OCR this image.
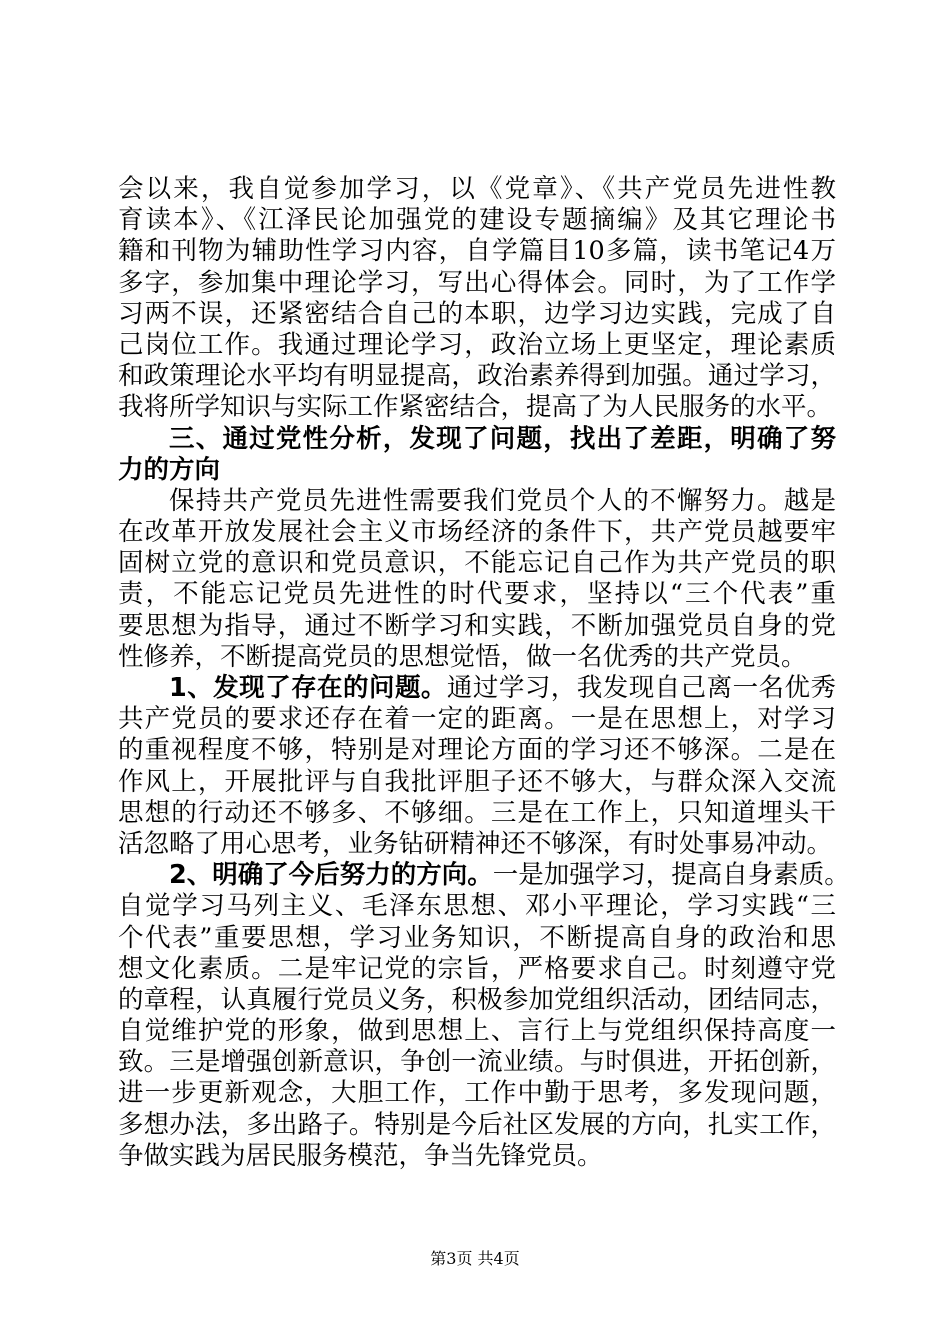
会以来，我自觉参加学习，以《党章》、《共产党员先进性教
育读本》、《江泽民论加强党的建设专题摘编》及其它理论书
籍和刊物为辅助性学习内容，自学篇目10多篇，读书笔记4万
多字，参加集中理论学习，写出心得体会。同时，为了工作学
习两不误，还紧密结合自己的本职，边学习边实践，完成了自
己岗位工作。我通过理论学习，政治立场上更坚定，理论素质
和政策理论水平均有明显提高，政治素养得到加强。通过学习，
我将所学知识与实际工作紧密结合，提高了为人民服务的水平。
三、通过党性分析，发现了问题，找出了差距，明确了努
力的方向
保持共产党员先进性需要我们党员个人的不懈努力。越是
在改革开放发展社会主义市场经济的条件下，共产党员越要牢
固树立党的意识和党员意识，不能忘记自己作为共产党员的职
责，不能忘记党员先进性的时代要求，坚持以“三个代表”重
要思想为指导，通过不断学习和实践，不断加强党员自身的党
性修养，不断提高党员的思想觉悟，做一名优秀的共产党员。
1、发现了存在的问题。通过学习，我发现自己离一名优秀
共产党员的要求还存在着一定的距离。一是在思想上，对学习
的重视程度不够，特别是对理论方面的学习还不够深。二是在
作风上，开展批评与自我批评胆子还不够大，与群众深入交流
思想的行动还不够多、不够细。三是在工作上，只知道埋头干
活忽略了用心思考，业务钻研精神还不够深，有时处事易冲动。
2、明确了今后努力的方向。一是加强学习，提高自身素质。
自觉学习马列主义、毛泽东思想、邓小平理论，学习实践“三
个代表”重要思想，学习业务知识，不断提高自身的政治和思
想文化素质。二是牢记党的宗旨，严格要求自己。时刻遵守党
的章程，认真履行党员义务，积极参加党组织活动，团结同志，
自觉维护党的形象，做到思想上、言行上与党组织保持高度一
致。三是增强创新意识，争创一流业绩。与时俱进，开拓创新，
进一步更新观念，大胆工作，工作中勤于思考，多发现问题，
多想办法，多出路子。特别是今后社区发展的方向，扎实工作，
争做实践为居民服务模范，争当先锋党员。
第3页 共4页
